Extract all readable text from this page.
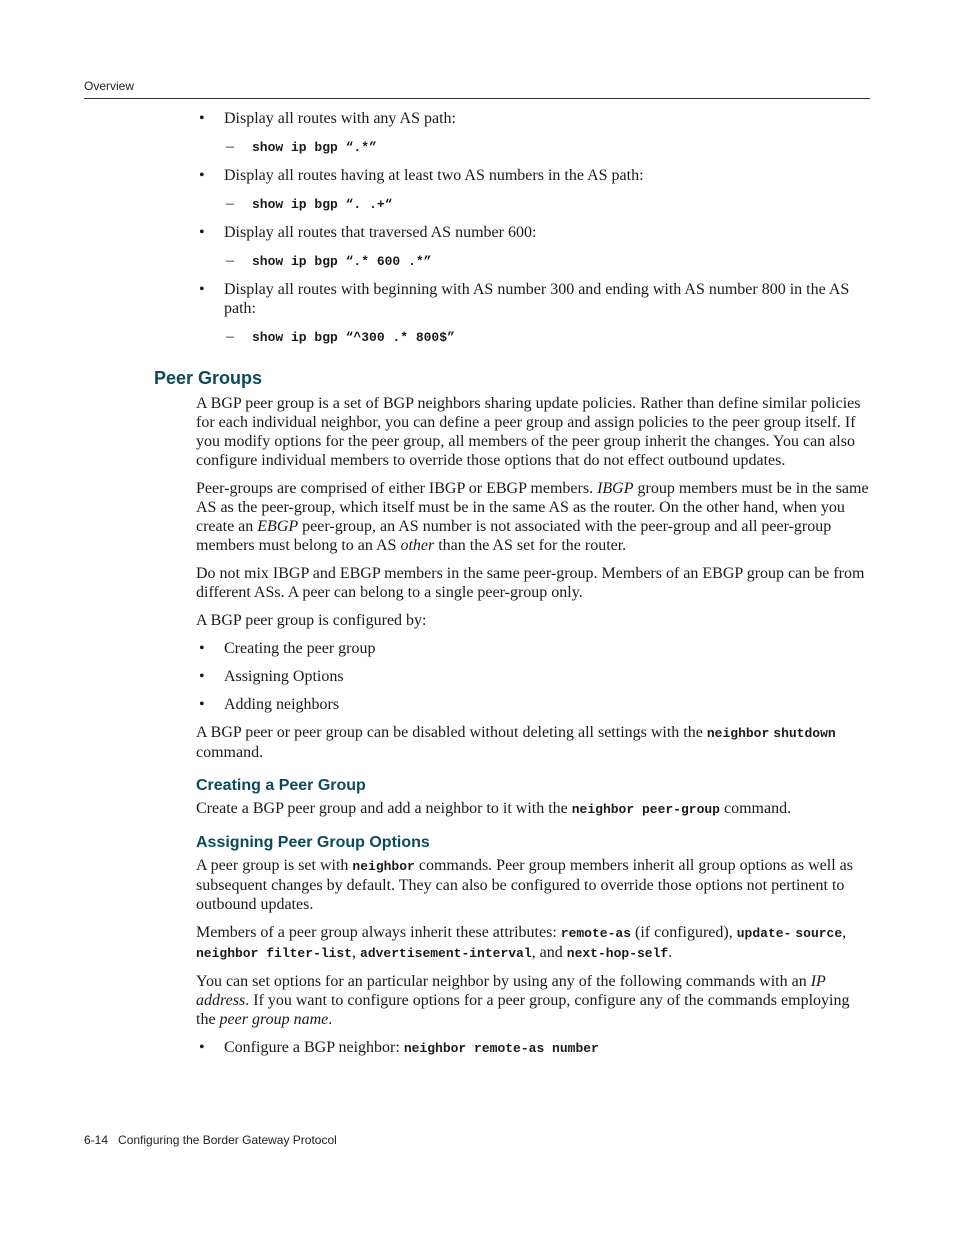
Overview

• Display all routes with any AS path:

– show ip bgp “.*”

• Display all routes having at least two AS numbers in the AS path:

– show ip bgp “. .+“

• Display all routes that traversed AS number 600:

– show ip bgp “.* 600 .*”

• Display all routes with beginning with AS number 300 and ending with AS number 800 in the AS path:

– show ip bgp “^300 .* 800$”

Peer Groups

A BGP peer group is a set of BGP neighbors sharing update policies. Rather than define similar policies for each individual neighbor, you can define a peer group and assign policies to the peer group itself. If you modify options for the peer group, all members of the peer group inherit the changes. You can also configure individual members to override those options that do not effect outbound updates.

Peer-groups are comprised of either IBGP or EBGP members. IBGP group members must be in the same AS as the peer-group, which itself must be in the same AS as the router. On the other hand, when you create an EBGP peer-group, an AS number is not associated with the peer-group and all peer-group members must belong to an AS other than the AS set for the router.

Do not mix IBGP and EBGP members in the same peer-group. Members of an EBGP group can be from different ASs. A peer can belong to a single peer-group only.

A BGP peer group is configured by:

• Creating the peer group

• Assigning Options

• Adding neighbors

A BGP peer or peer group can be disabled without deleting all settings with the neighbor shutdown command.

Creating a Peer Group

Create a BGP peer group and add a neighbor to it with the neighbor peer-group command.

Assigning Peer Group Options

A peer group is set with neighbor commands. Peer group members inherit all group options as well as subsequent changes by default. They can also be configured to override those options not pertinent to outbound updates.

Members of a peer group always inherit these attributes: remote-as (if configured), update- source, neighbor filter-list, advertisement-interval, and next-hop-self.

You can set options for an particular neighbor by using any of the following commands with an IP address. If you want to configure options for a peer group, configure any of the commands employing the peer group name.

• Configure a BGP neighbor: neighbor remote-as number

6-14 Configuring the Border Gateway Protocol
